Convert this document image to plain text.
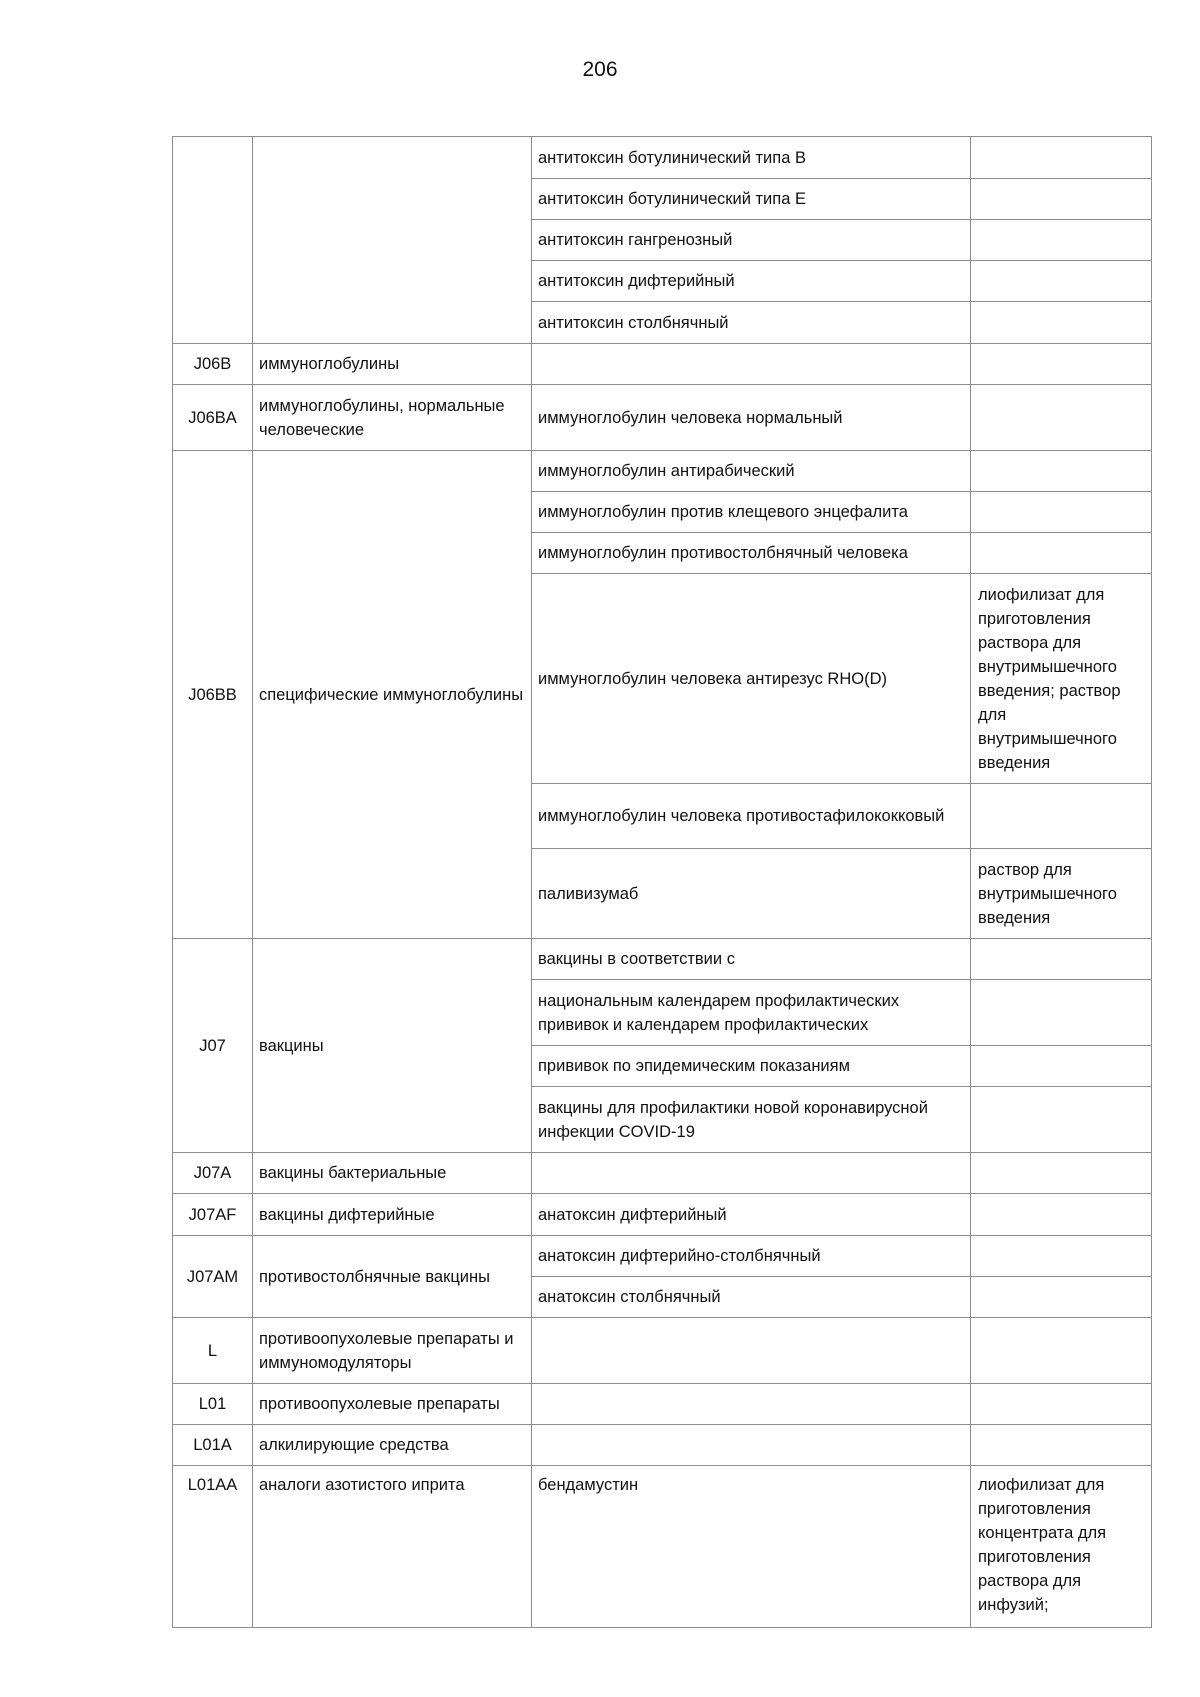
206
		антитоксин ботулинический типа B	
		антитоксин ботулинический типа E	
		антитоксин гангренозный	
		антитоксин дифтерийный	
		антитоксин столбнячный	
J06B	иммуноглобулины		
J06BA	иммуноглобулины, нормальные человеческие	иммуноглобулин человека нормальный	
J06BB	специфические иммуноглобулины	иммуноглобулин антирабический	
		иммуноглобулин против клещевого энцефалита	
		иммуноглобулин противостолбнячный человека	
		иммуноглобулин человека антирезус RHO(D)	лиофилизат для приготовления раствора для внутримышечного введения; раствор для внутримышечного введения
		иммуноглобулин человека противостафилококковый	
		паливизумаб	раствор для внутримышечного введения
J07	вакцины	вакцины в соответствии с	
		национальным календарем профилактических прививок и календарем профилактических	
		прививок по эпидемическим показаниям	
		вакцины для профилактики новой коронавирусной инфекции COVID-19	
J07A	вакцины бактериальные		
J07AF	вакцины дифтерийные	анатоксин дифтерийный	
J07AM	противостолбнячные вакцины	анатоксин дифтерийно-столбнячный	
		анатоксин столбнячный	
L	противоопухолевые препараты и иммуномодуляторы		
L01	противоопухолевые препараты		
L01A	алкилирующие средства		
L01AA	аналоги азотистого иприта	бендамустин	лиофилизат для приготовления концентрата для приготовления раствора для инфузий;
